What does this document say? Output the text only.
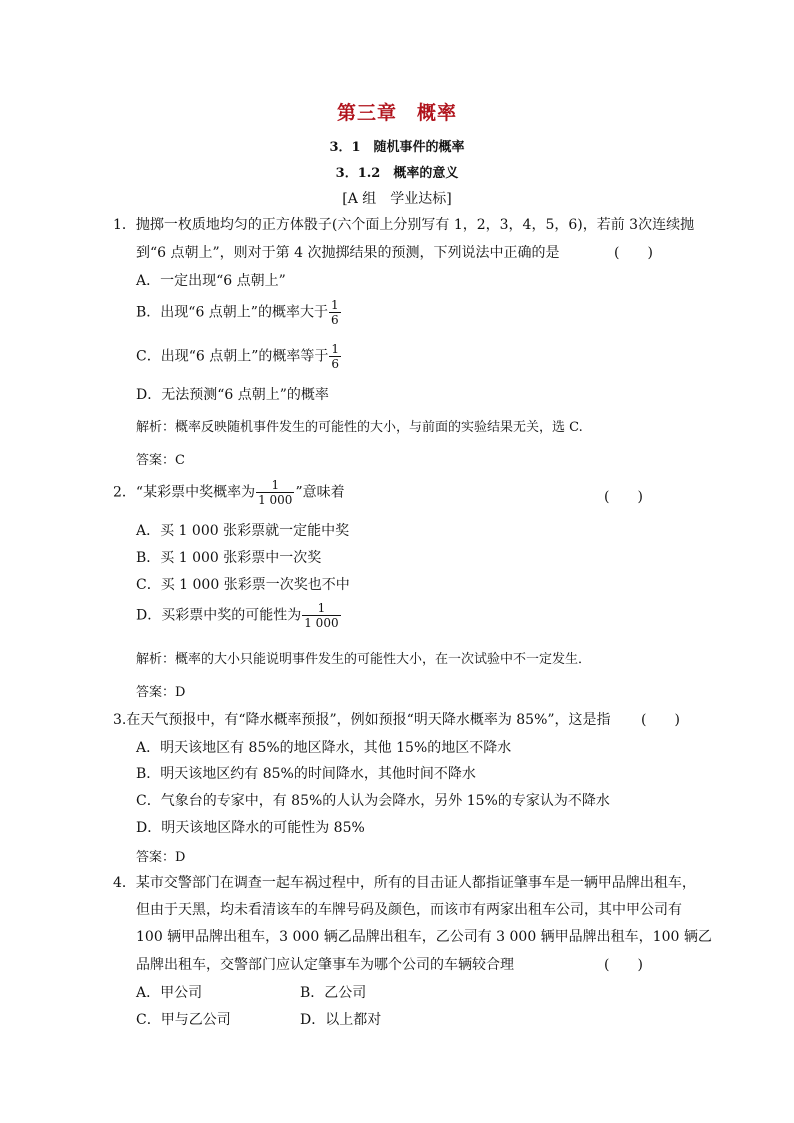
第三章　概率
3．1　随机事件的概率
3．1.2　概率的意义
[A 组　学业达标]
1．抛掷一枚质地均匀的正方体骰子(六个面上分别写有 1，2，3，4，5，6)，若前 3次连续抛
到“6 点朝上”，则对于第 4 次抛掷结果的预测，下列说法中正确的是	(　　)
A．一定出现“6 点朝上”
B．出现“6 点朝上”的概率大于 $\frac{1}{6}$
C．出现“6 点朝上”的概率等于 $\frac{1}{6}$
D．无法预测“6 点朝上”的概率
解析：概率反映随机事件发生的可能性的大小，与前面的实验结果无关，选 C.
答案：C
2．“某彩票中奖概率为 $\frac{1}{1 000}$ ”意味着	(　　)
A．买 1 000 张彩票就一定能中奖
B．买 1 000 张彩票中一次奖
C．买 1 000 张彩票一次奖也不中
D．买彩票中奖的可能性为 $\frac{1}{1 000}$
解析：概率的大小只能说明事件发生的可能性大小，在一次试验中不一定发生．
答案：D
3.在天气预报中，有“降水概率预报”，例如预报“明天降水概率为 85%”，这是指 (　　)
A．明天该地区有 85%的地区降水，其他 15%的地区不降水
B．明天该地区约有 85%的时间降水，其他时间不降水
C．气象台的专家中，有 85%的人认为会降水，另外 15%的专家认为不降水
D．明天该地区降水的可能性为 85%
答案：D
4．某市交警部门在调查一起车祸过程中，所有的目击证人都指证肇事车是一辆甲品牌出租车，
但由于天黑，均未看清该车的车牌号码及颜色，而该市有两家出租车公司，其中甲公司有
100 辆甲品牌出租车，3 000 辆乙品牌出租车，乙公司有 3 000 辆甲品牌出租车，100 辆乙
品牌出租车，交警部门应认定肇事车为哪个公司的车辆较合理	(　　)
A．甲公司	B．乙公司
C．甲与乙公司	D．以上都对
